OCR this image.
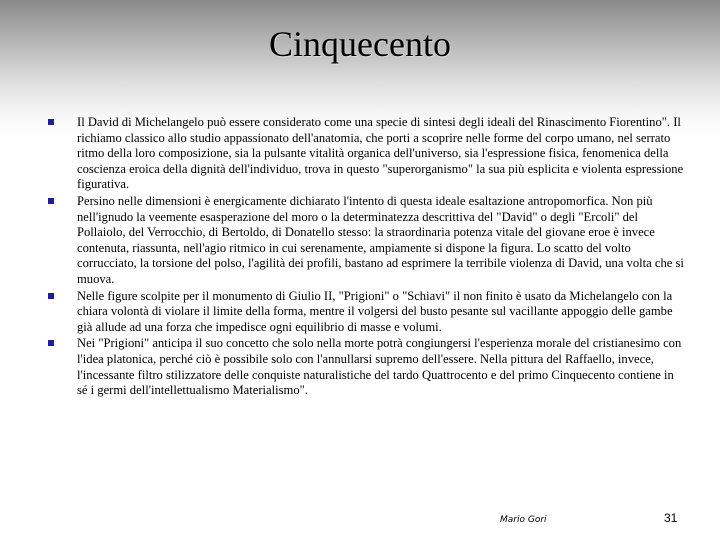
Cinquecento
Il David di Michelangelo può essere considerato come una specie di sintesi degli ideali del Rinascimento Fiorentino". Il richiamo classico allo studio appassionato dell'anatomia, che porti a scoprire nelle forme del corpo umano, nel serrato ritmo della loro composizione, sia la pulsante vitalità organica dell'universo, sia l'espressione fisica, fenomenica della coscienza eroica della dignità dell'individuo, trova in questo "superorganismo" la sua più esplicita e violenta espressione figurativa.
Persino nelle dimensioni è energicamente dichiarato l'intento di questa ideale esaltazione antropomorfica. Non più nell'ignudo la veemente esasperazione del moro o la determinatezza descrittiva del "David" o degli "Ercoli" del Pollaiolo, del Verrocchio, di Bertoldo, di Donatello stesso: la straordinaria potenza vitale del giovane eroe è invece contenuta, riassunta, nell'agio ritmico in cui serenamente, ampiamente si dispone la figura. Lo scatto del volto corrucciato, la torsione del polso, l'agilità dei profili, bastano ad esprimere la terribile violenza di David, una volta che si muova.
Nelle figure scolpite per il monumento di Giulio II, "Prigioni" o "Schiavi" il non finito è usato da Michelangelo con la chiara volontà di violare il limite della forma, mentre il volgersi del busto pesante sul vacillante appoggio delle gambe già allude ad una forza che impedisce ogni equilibrio di masse e volumi.
Nei "Prigioni" anticipa il suo concetto che solo nella morte potrà congiungersi l'esperienza morale del cristianesimo con l'idea platonica, perché ciò è possibile solo con l'annullarsi supremo dell'essere. Nella pittura del Raffaello, invece, l'incessante filtro stilizzatore delle conquiste naturalistiche del tardo Quattrocento e del primo Cinquecento contiene in sé i germi dell'intellettualismo Materialismo".
Mario Gori	31
